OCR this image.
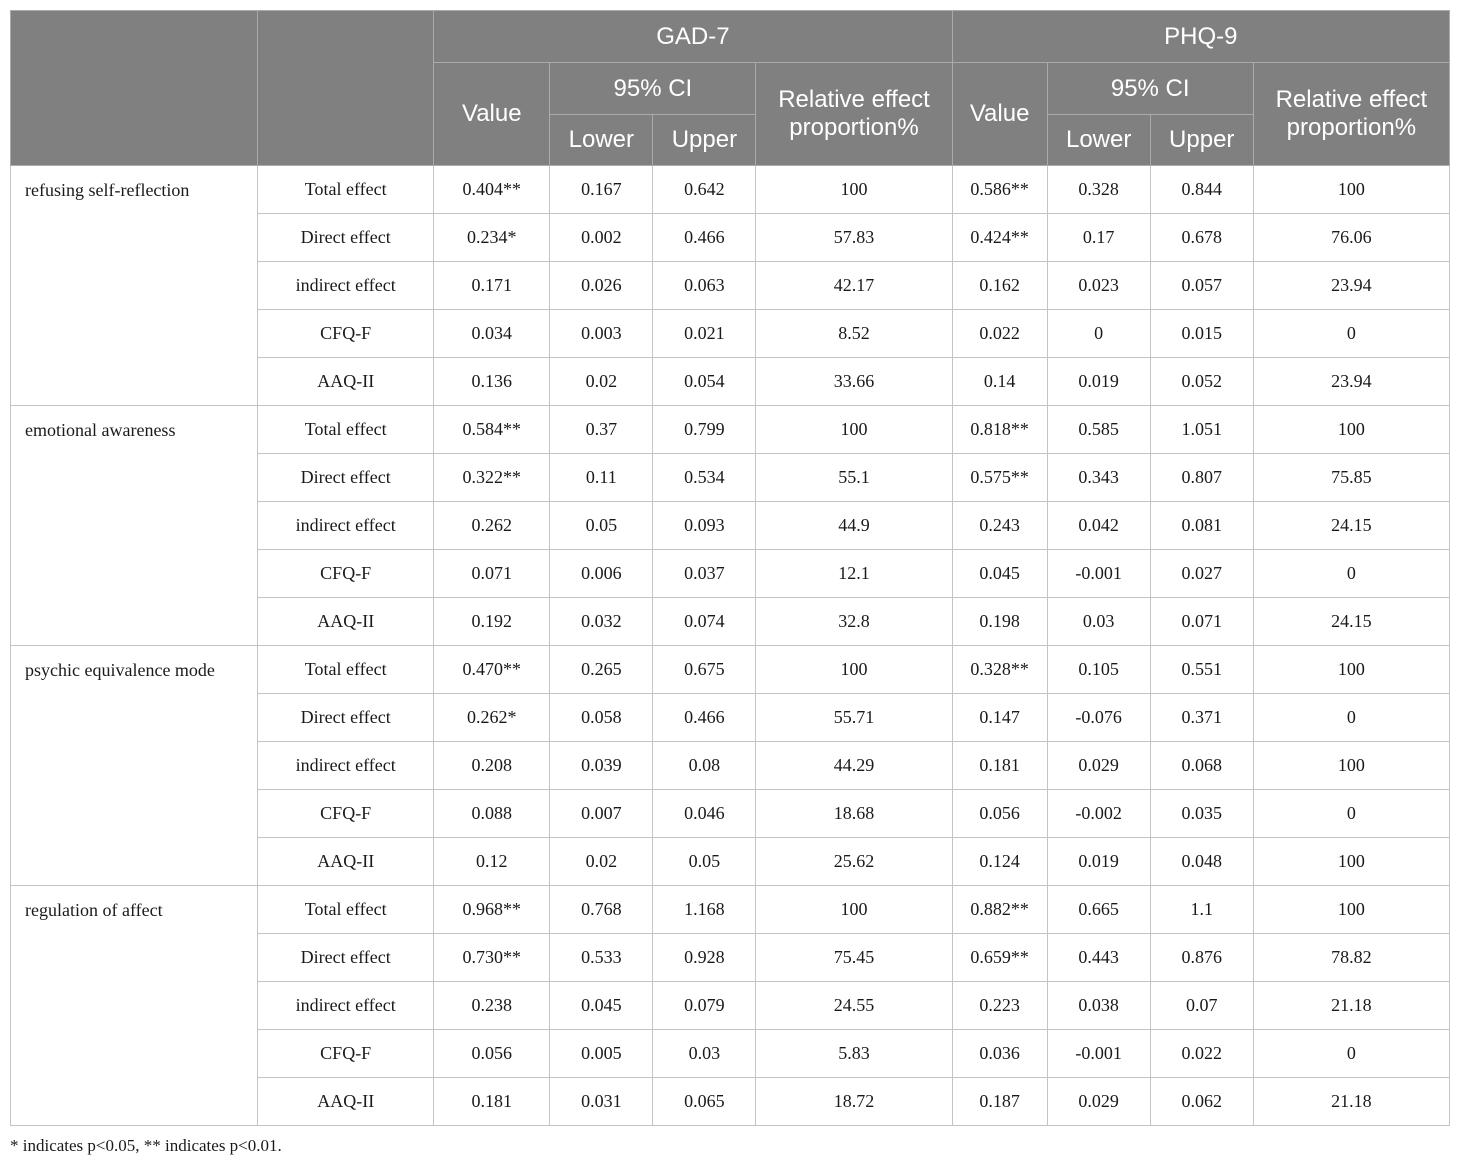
		GAD-7				PHQ-9			
		Value	95% CI		Relative effect proportion%	Value	95% CI		Relative effect proportion%
			Lower	Upper			Lower	Upper	
refusing self-reflection	Total effect	0.404**	0.167	0.642	100	0.586**	0.328	0.844	100
	Direct effect	0.234*	0.002	0.466	57.83	0.424**	0.17	0.678	76.06
	indirect effect	0.171	0.026	0.063	42.17	0.162	0.023	0.057	23.94
	CFQ-F	0.034	0.003	0.021	8.52	0.022	0	0.015	0
	AAQ-II	0.136	0.02	0.054	33.66	0.14	0.019	0.052	23.94
emotional awareness	Total effect	0.584**	0.37	0.799	100	0.818**	0.585	1.051	100
	Direct effect	0.322**	0.11	0.534	55.1	0.575**	0.343	0.807	75.85
	indirect effect	0.262	0.05	0.093	44.9	0.243	0.042	0.081	24.15
	CFQ-F	0.071	0.006	0.037	12.1	0.045	-0.001	0.027	0
	AAQ-II	0.192	0.032	0.074	32.8	0.198	0.03	0.071	24.15
psychic equivalence mode	Total effect	0.470**	0.265	0.675	100	0.328**	0.105	0.551	100
	Direct effect	0.262*	0.058	0.466	55.71	0.147	-0.076	0.371	0
	indirect effect	0.208	0.039	0.08	44.29	0.181	0.029	0.068	100
	CFQ-F	0.088	0.007	0.046	18.68	0.056	-0.002	0.035	0
	AAQ-II	0.12	0.02	0.05	25.62	0.124	0.019	0.048	100
regulation of affect	Total effect	0.968**	0.768	1.168	100	0.882**	0.665	1.1	100
	Direct effect	0.730**	0.533	0.928	75.45	0.659**	0.443	0.876	78.82
	indirect effect	0.238	0.045	0.079	24.55	0.223	0.038	0.07	21.18
	CFQ-F	0.056	0.005	0.03	5.83	0.036	-0.001	0.022	0
	AAQ-II	0.181	0.031	0.065	18.72	0.187	0.029	0.062	21.18
* indicates p<0.05, ** indicates p<0.01.
